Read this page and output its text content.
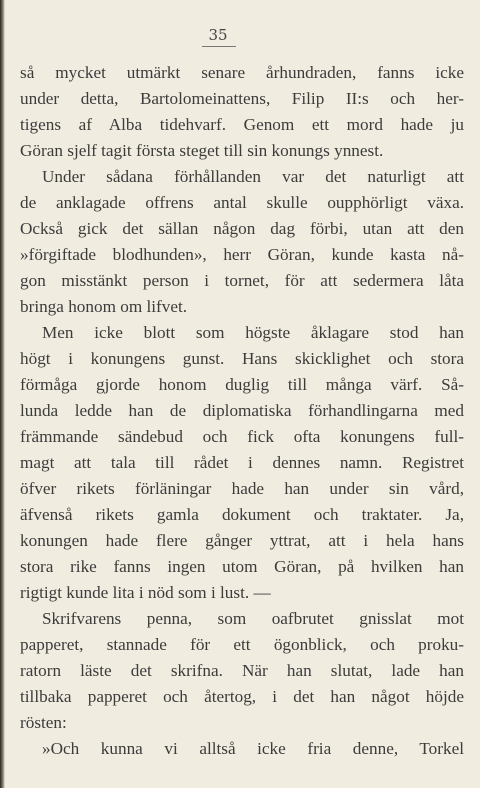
35
så mycket utmärkt senare århundraden, fanns icke
under detta, Bartolomeinattens, Filip II:s och her-
tigens af Alba tidehvarf. Genom ett mord hade ju
Göran sjelf tagit första steget till sin konungs ynnest.
Under sådana förhållanden var det naturligt att
de anklagade offrens antal skulle oupphörligt växa.
Också gick det sällan någon dag förbi, utan att den
»förgiftade blodhunden», herr Göran, kunde kasta nå-
gon misstänkt person i tornet, för att sedermera låta
bringa honom om lifvet.
Men icke blott som högste åklagare stod han
högt i konungens gunst. Hans skicklighet och stora
förmåga gjorde honom duglig till många värf. Så-
lunda ledde han de diplomatiska förhandlingarna med
främmande sändebud och fick ofta konungens full-
magt att tala till rådet i dennes namn. Registret
öfver rikets förläningar hade han under sin vård,
äfvenså rikets gamla dokument och traktater. Ja,
konungen hade flere gånger yttrat, att i hela hans
stora rike fanns ingen utom Göran, på hvilken han
rigtigt kunde lita i nöd som i lust. —
Skrifvarens penna, som oafbrutet gnisslat mot
papperet, stannade för ett ögonblick, och proku-
ratorn läste det skrifna. När han slutat, lade han
tillbaka papperet och återtog, i det han något höjde
rösten:
»Och kunna vi alltså icke fria denne, Torkel
